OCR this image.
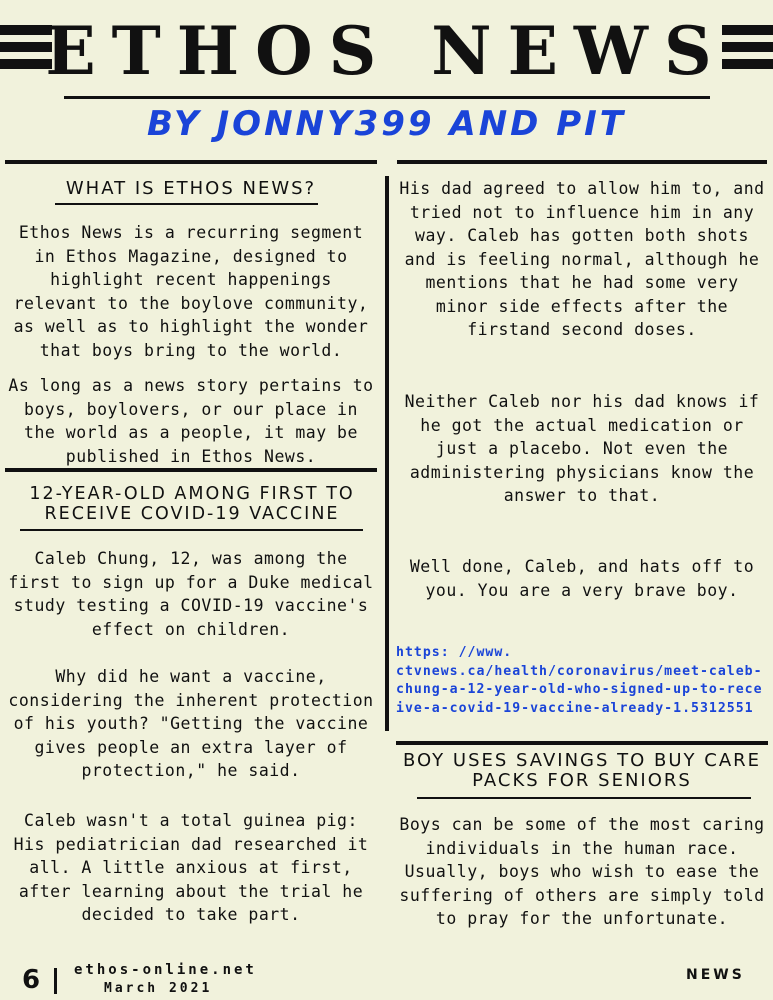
ETHOS NEWS
BY JONNY399 AND PIT
WHAT IS ETHOS NEWS?
Ethos News is a recurring segment in Ethos Magazine, designed to highlight recent happenings relevant to the boylove community, as well as to highlight the wonder that boys bring to the world.
As long as a news story pertains to boys, boylovers, or our place in the world as a people, it may be published in Ethos News.
12-YEAR-OLD AMONG FIRST TO RECEIVE COVID-19 VACCINE
Caleb Chung, 12, was among the first to sign up for a Duke medical study testing a COVID-19 vaccine's effect on children.
Why did he want a vaccine, considering the inherent protection of his youth? "Getting the vaccine gives people an extra layer of protection," he said.
Caleb wasn't a total guinea pig: His pediatrician dad researched it all. A little anxious at first, after learning about the trial he decided to take part.
His dad agreed to allow him to, and tried not to influence him in any way. Caleb has gotten both shots and is feeling normal, although he mentions that he had some very minor side effects after the firstand second doses.
Neither Caleb nor his dad knows if he got the actual medication or just a placebo. Not even the administering physicians know the answer to that.
Well done, Caleb, and hats off to you. You are a very brave boy.
https: //www.
ctvnews.ca/health/coronavirus/meet-caleb-chung-a-12-year-old-who-signed-up-to-receive-a-covid-19-vaccine-already-1.5312551
BOY USES SAVINGS TO BUY CARE PACKS FOR SENIORS
Boys can be some of the most caring individuals in the human race. Usually, boys who wish to ease the suffering of others are simply told to pray for the unfortunate.
6 ethos-online.net
March 2021
NEWS
